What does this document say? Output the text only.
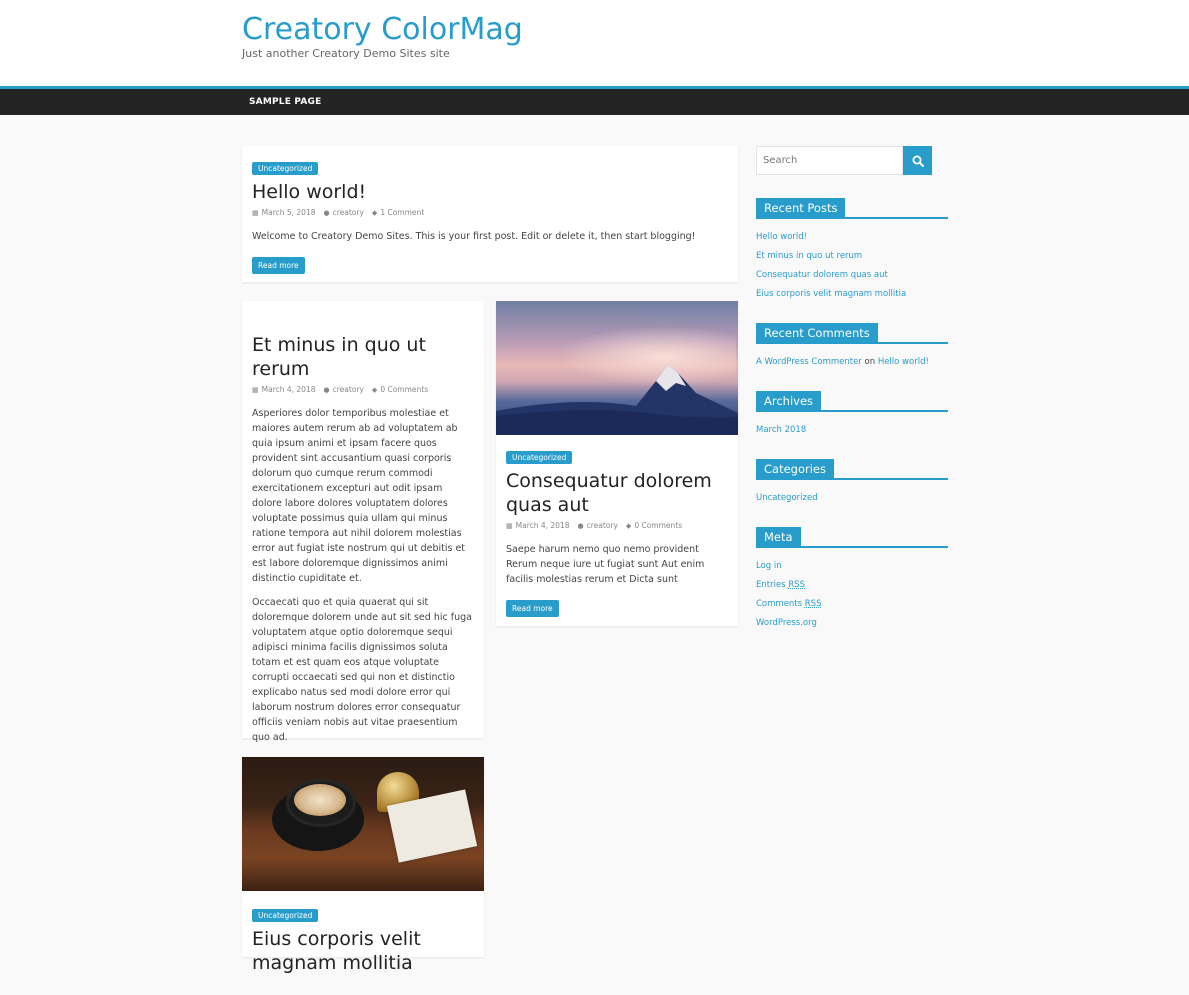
Creatory ColorMag
Just another Creatory Demo Sites site
SAMPLE PAGE
Uncategorized
Hello world!
▦ March 5, 2018 ● creatory ◆ 1 Comment

Welcome to Creatory Demo Sites. This is your first post. Edit or delete it, then start blogging!

Read more
Et minus in quo ut rerum
▦ March 4, 2018 ● creatory ◆ 0 Comments

Asperiores dolor temporibus molestiae et maiores autem rerum ab ad voluptatem ab quia ipsum animi et ipsam facere quos provident sint accusantium quasi corporis dolorum quo cumque rerum commodi exercitationem excepturi aut odit ipsam dolore labore dolores voluptatem dolores voluptate possimus quia ullam qui minus ratione tempora aut nihil dolorem molestias error aut fugiat iste nostrum qui ut debitis et est labore doloremque dignissimos animi distinctio cupiditate et.

Occaecati quo et quia quaerat qui sit doloremque dolorem unde aut sit sed hic fuga voluptatem atque optio doloremque sequi adipisci minima facilis dignissimos soluta totam et est quam eos atque voluptate corrupti occaecati sed qui non et distinctio explicabo natus sed modi dolore error qui laborum nostrum dolores error consequatur officiis veniam nobis aut vitae praesentium quo ad.

Uncategorized
Consequatur dolorem quas aut
▦ March 4, 2018 ● creatory ◆ 0 Comments

Saepe harum nemo quo nemo provident Rerum neque iure ut fugiat sunt Aut enim facilis molestias rerum et Dicta sunt

Read more
Uncategorized
Eius corporis velit magnam mollitia
Search
Recent Posts
Hello world!
Et minus in quo ut rerum
Consequatur dolorem quas aut
Eius corporis velit magnam mollitia
Recent Comments
A WordPress Commenter on Hello world!
Archives
March 2018
Categories
Uncategorized
Meta
Log in
Entries RSS
Comments RSS
WordPress.org
